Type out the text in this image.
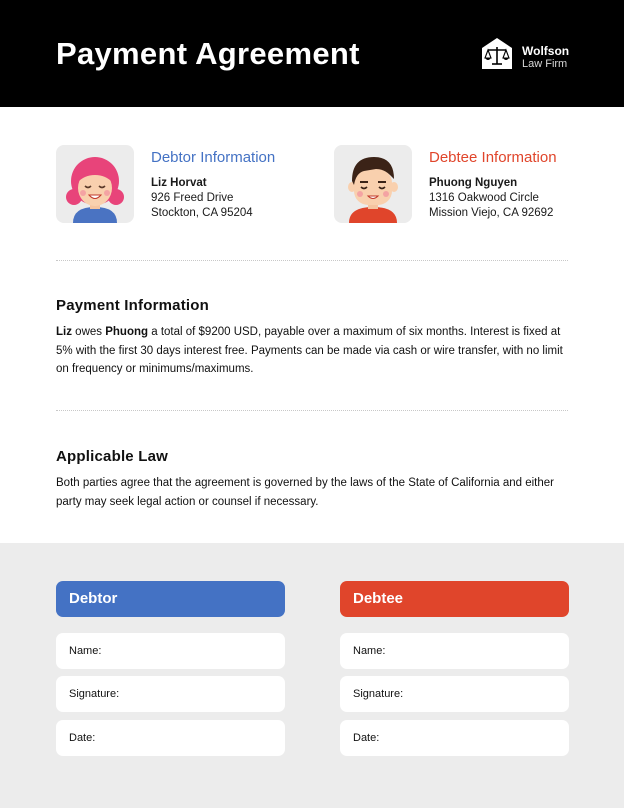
Payment Agreement	Wolfson
Law Firm
Debtor Information
Liz Horvat
926 Freed Drive
Stockton, CA 95204
Debtee Information
Phuong Nguyen
1316 Oakwood Circle
Mission Viejo, CA 92692
Payment Information
Liz owes Phuong a total of $9200 USD, payable over a maximum of six months. Interest is fixed at 5% with the first 30 days interest free. Payments can be made via cash or wire transfer, with no limit on frequency or minimums/maximums.
Applicable Law
Both parties agree that the agreement is governed by the laws of the State of California and either party may seek legal action or counsel if necessary.
Debtor
Name:
Signature:
Date:
Debtee
Name:
Signature:
Date:
